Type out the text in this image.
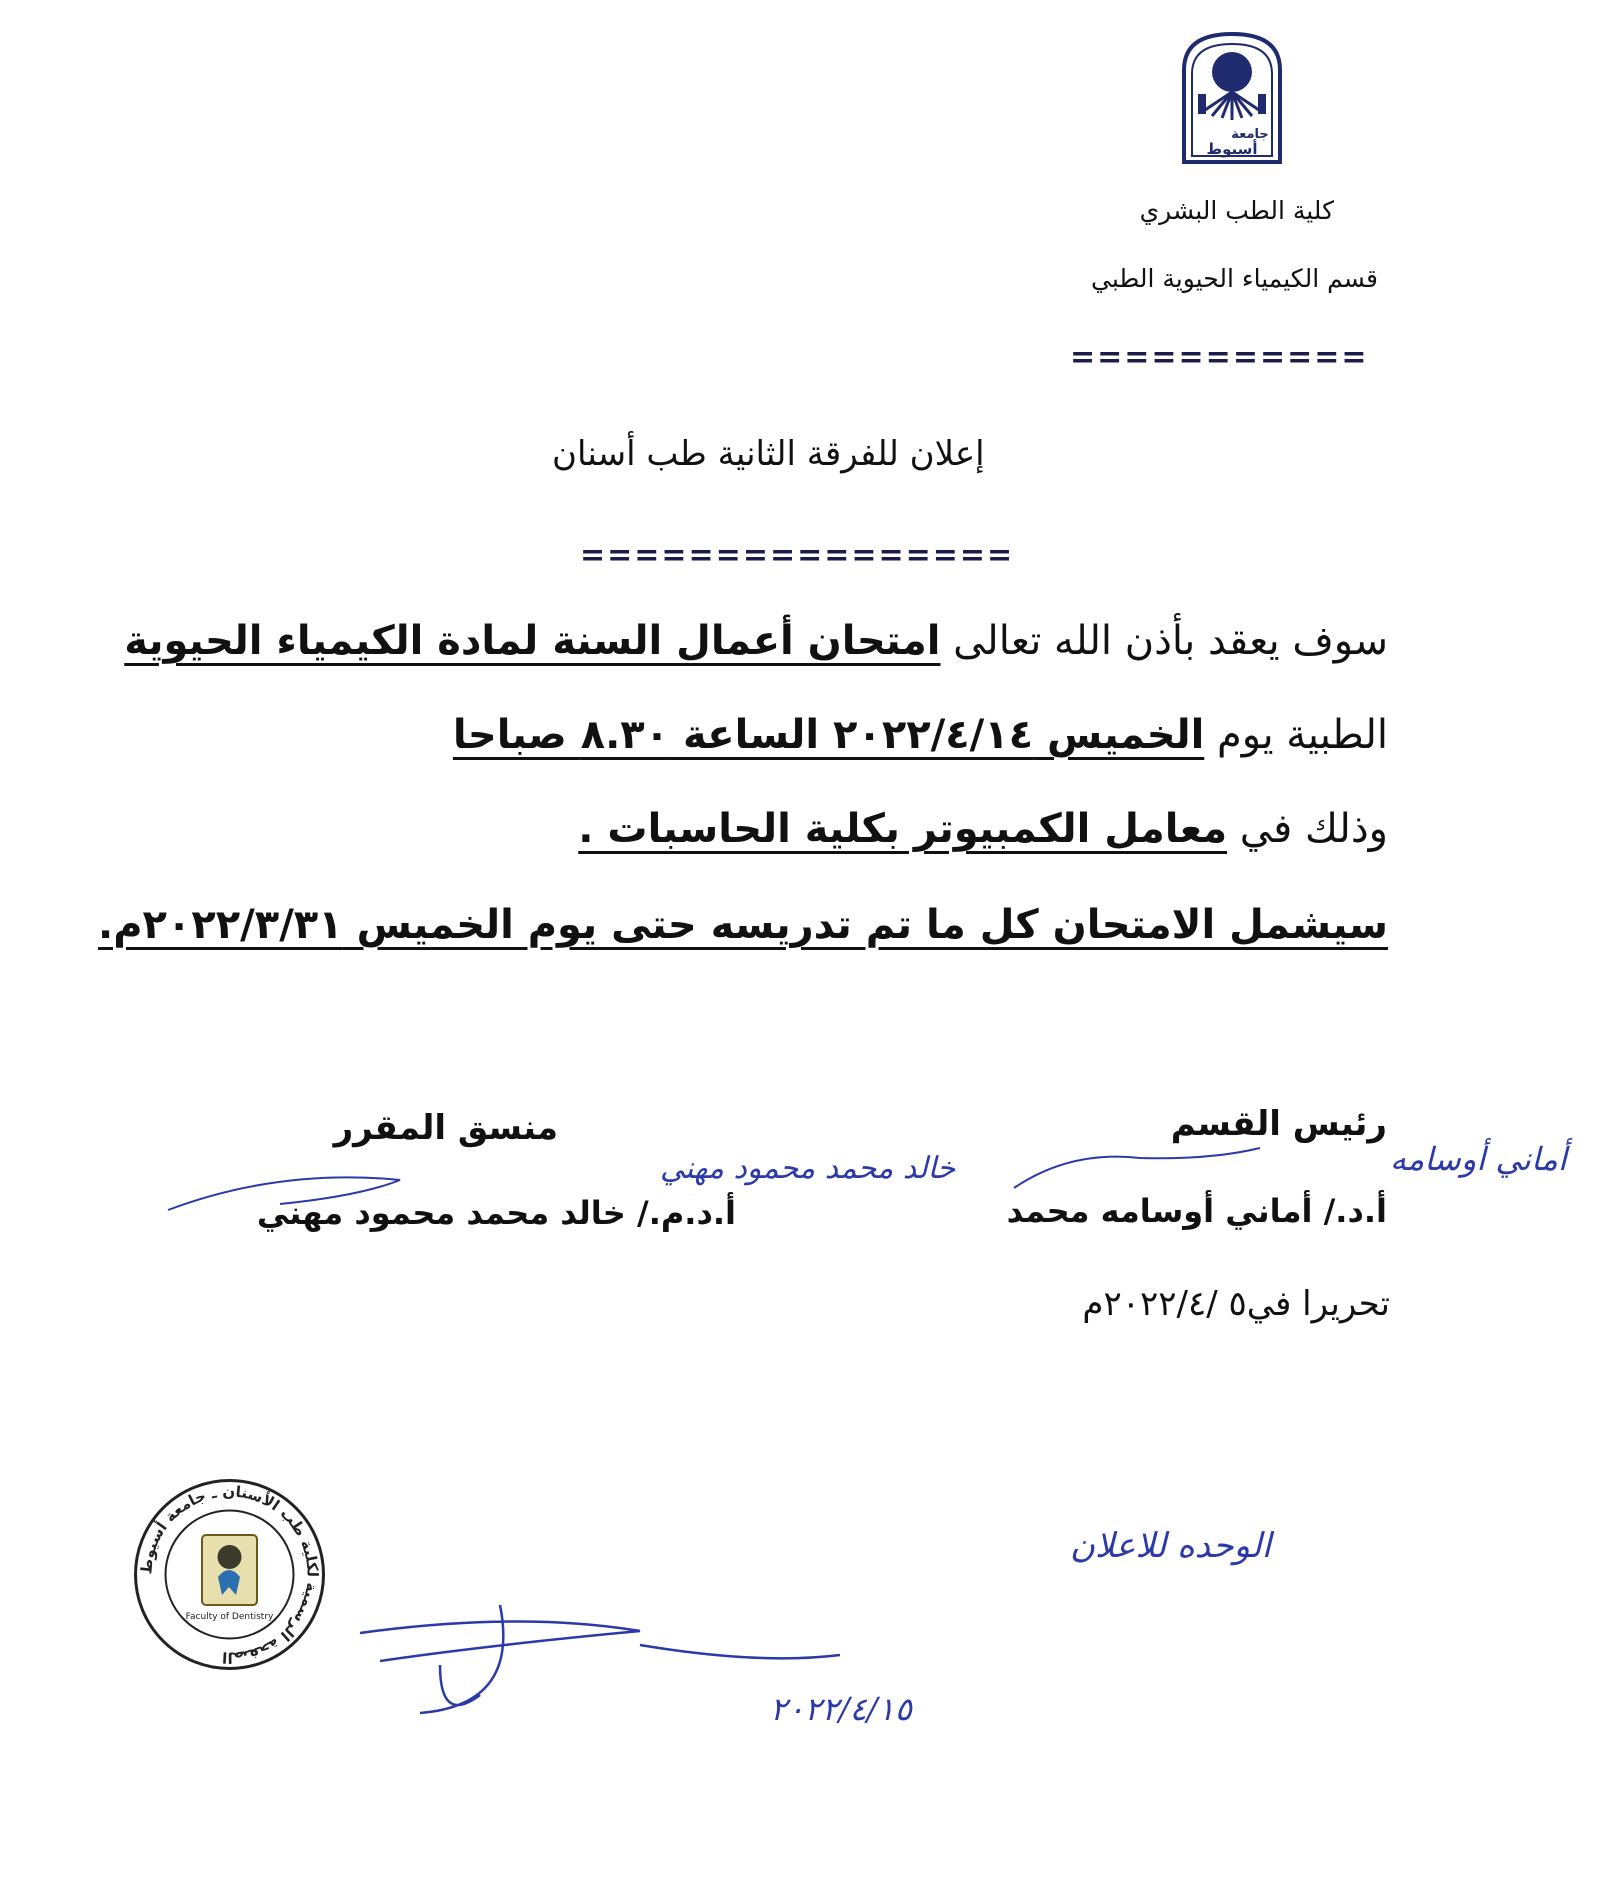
جامعة
أسيوط
كلية الطب البشري
قسم الكيمياء الحيوية الطبي
===========
إعلان للفرقة الثانية طب أسنان
================
سوف يعقد بأذن الله تعالى امتحان أعمال السنة لمادة الكيمياء الحيوية
الطبية يوم الخميس ٢٠٢٢/٤/١٤ الساعة ٨.٣٠ صباحا
وذلك في معامل الكمبيوتر بكلية الحاسبات .
سيشمل الامتحان كل ما تم تدريسه حتى يوم الخميس ٢٠٢٢/٣/٣١م.
رئيس القسم
أ.د./ أماني أوسامه محمد
منسق المقرر
أ.د.م./ خالد محمد محمود مهني
أماني أوسامه
خالد محمد محمود مهني
تحريرا في٥ /٢٠٢٢/٤م
الصفحة الرسمية لكلية طب الأسنان ـ جامعة أسيوط
Faculty of Dentistry
الوحده للاعلان
٢٠٢٢/٤/١٥
